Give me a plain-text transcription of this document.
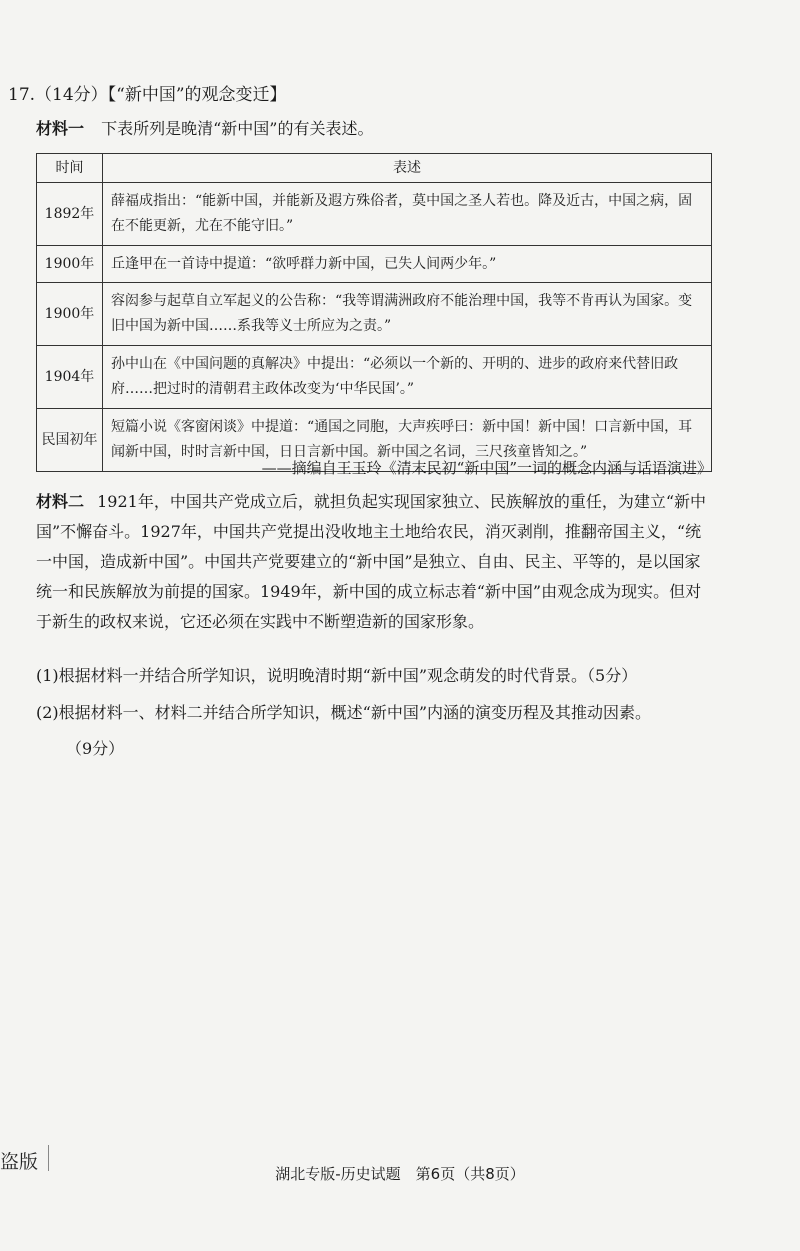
17.（14分）【“新中国”的观念变迁】
材料一 下表所列是晚清“新中国”的有关表述。
时间	表述
1892年	薛福成指出：“能新中国，并能新及遐方殊俗者，莫中国之圣人若也。降及近古，中国之病，固在不能更新，尤在不能守旧。”
1900年	丘逢甲在一首诗中提道：“欲呼群力新中国，已失人间两少年。”
1900年	容闳参与起草自立军起义的公告称：“我等谓满洲政府不能治理中国，我等不肯再认为国家。变旧中国为新中国……系我等义士所应为之责。”
1904年	孙中山在《中国问题的真解决》中提出：“必须以一个新的、开明的、进步的政府来代替旧政府……把过时的清朝君主政体改变为‘中华民国’。”
民国初年	短篇小说《客窗闲谈》中提道：“通国之同胞，大声疾呼曰：新中国！新中国！口言新中国，耳闻新中国，时时言新中国，日日言新中国。新中国之名词，三尺孩童皆知之。”
——摘编自王玉玲《清末民初“新中国”一词的概念内涵与话语演进》

材料二 1921年，中国共产党成立后，就担负起实现国家独立、民族解放的重任，为建立“新中国”不懈奋斗。1927年，中国共产党提出没收地主土地给农民，消灭剥削，推翻帝国主义，“统一中国，造成新中国”。中国共产党要建立的“新中国”是独立、自由、民主、平等的，是以国家统一和民族解放为前提的国家。1949年，新中国的成立标志着“新中国”由观念成为现实。但对于新生的政权来说，它还必须在实践中不断塑造新的国家形象。

(1)根据材料一并结合所学知识，说明晚清时期“新中国”观念萌发的时代背景。（5分）
(2)根据材料一、材料二并结合所学知识，概述“新中国”内涵的演变历程及其推动因素。
（9分）
盗版
湖北专版-历史试题　第6页（共8页）
